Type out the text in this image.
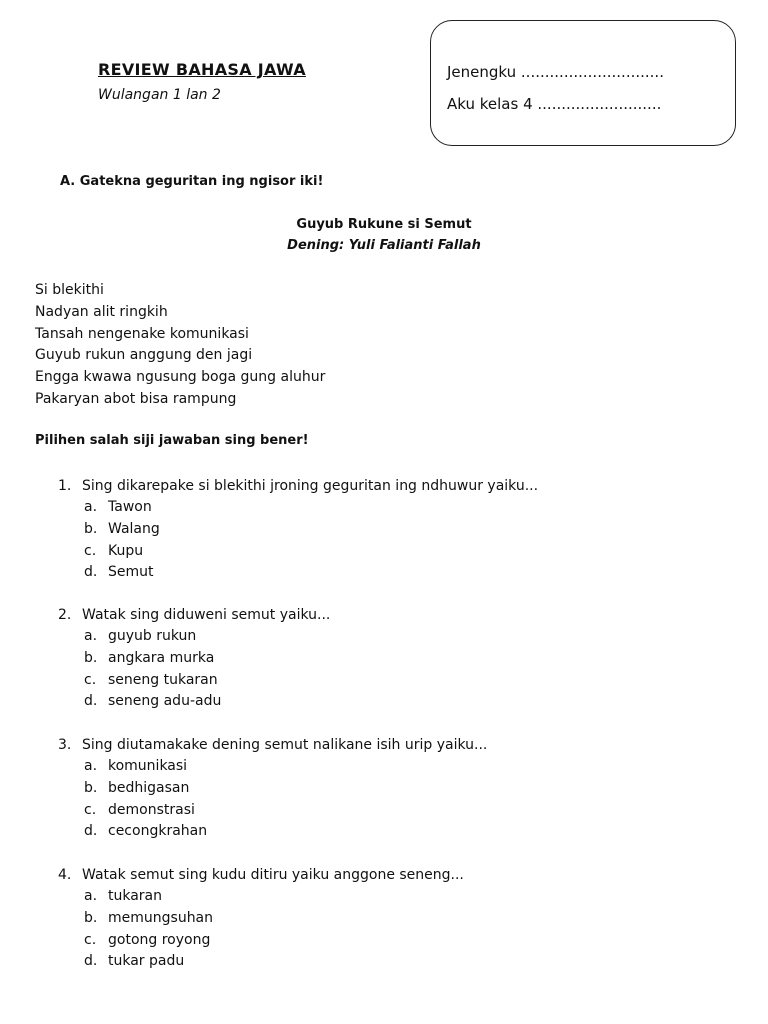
REVIEW BAHASA JAWA
Wulangan 1 lan 2
Jenengku ..............................
Aku kelas 4 ..........................
A. Gatekna geguritan ing ngisor iki!
Guyub Rukune si Semut
Dening: Yuli Falianti Fallah
Si blekithi
Nadyan alit ringkih
Tansah nengenake komunikasi
Guyub rukun anggung den jagi
Engga kwawa ngusung boga gung aluhur
Pakaryan abot bisa rampung
Pilihen salah siji jawaban sing bener!
1. Sing dikarepake si blekithi jroning geguritan ing ndhuwur yaiku...
a. Tawon
b. Walang
c. Kupu
d. Semut
2. Watak sing diduweni semut yaiku...
a. guyub rukun
b. angkara murka
c. seneng tukaran
d. seneng adu-adu
3. Sing diutamakake dening semut nalikane isih urip yaiku...
a. komunikasi
b. bedhigasan
c. demonstrasi
d. cecongkrahan
4. Watak semut sing kudu ditiru yaiku anggone seneng...
a. tukaran
b. memungsuhan
c. gotong royong
d. tukar padu
